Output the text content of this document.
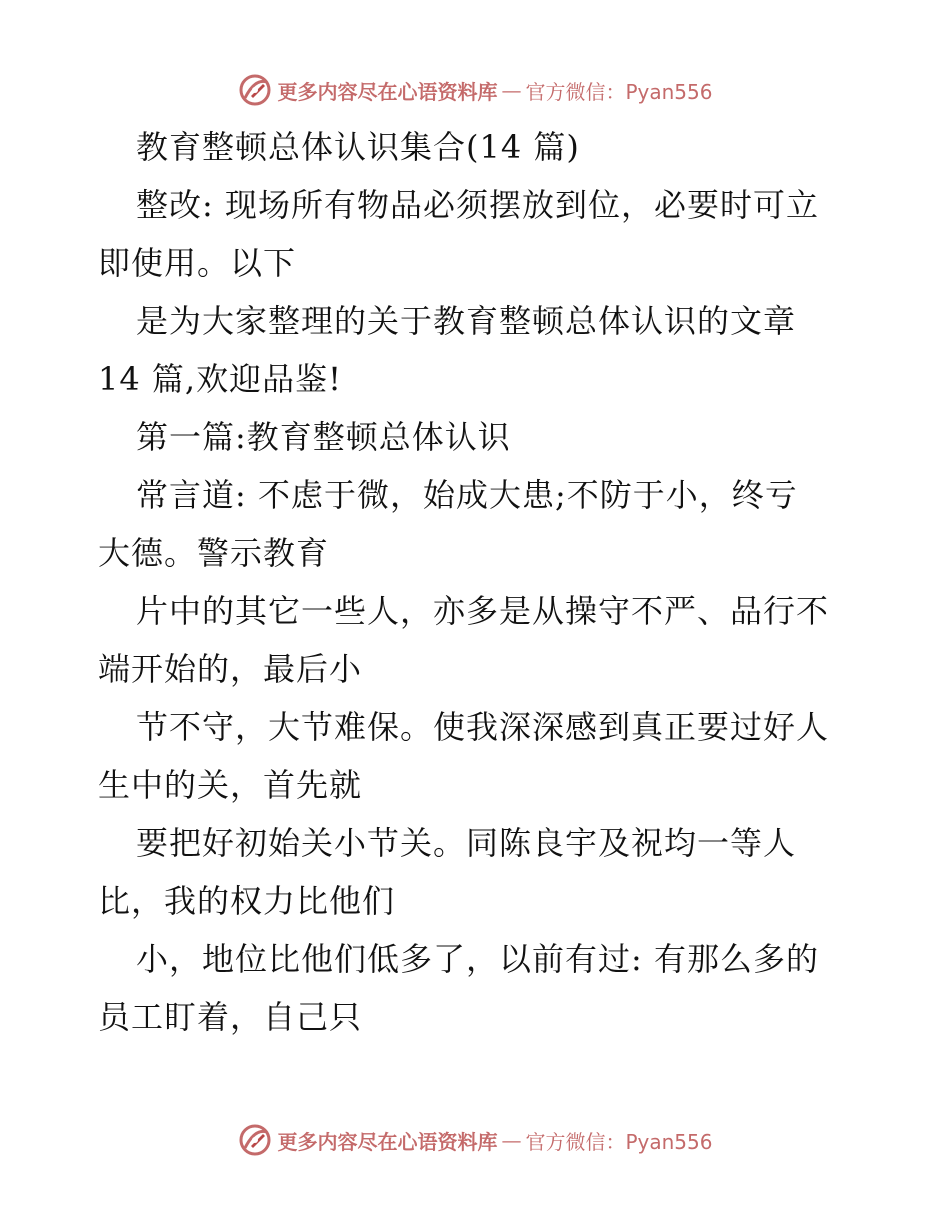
更多内容尽在心语资料库 — 官方微信：Pyan556
教育整顿总体认识集合(14 篇)
整改: 现场所有物品必须摆放到位，必要时可立
即使用。以下
是为大家整理的关于教育整顿总体认识的文章
14 篇,欢迎品鉴!
第一篇:教育整顿总体认识
常言道: 不虑于微，始成大患;不防于小，终亏
大德。警示教育
片中的其它一些人，亦多是从操守不严、品行不
端开始的，最后小
节不守，大节难保。使我深深感到真正要过好人
生中的关，首先就
要把好初始关小节关。同陈良宇及祝均一等人
比，我的权力比他们
小，地位比他们低多了，以前有过: 有那么多的
员工盯着，自己只
更多内容尽在心语资料库 — 官方微信：Pyan556
